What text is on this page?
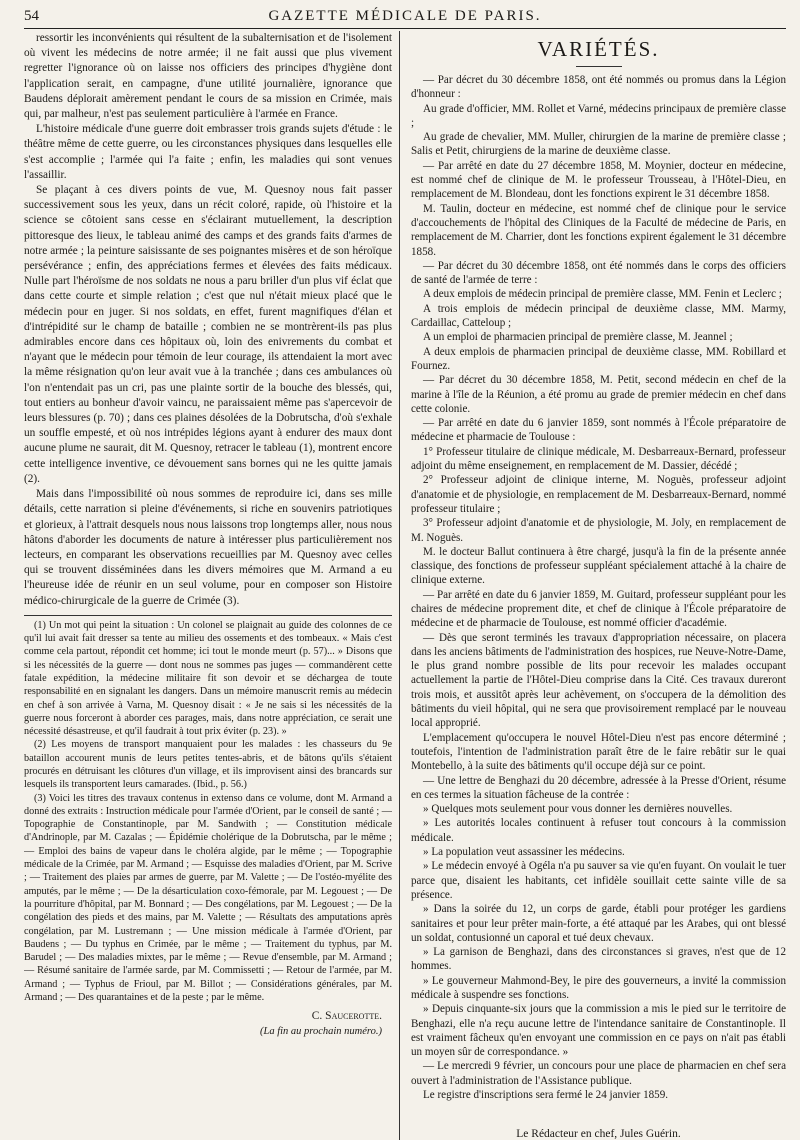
54	GAZETTE MÉDICALE DE PARIS.

ressortir les inconvénients qui résultent de la subalternisation et de l'isolement où vivent les médecins de notre armée; il ne fait aussi que plus vivement regretter l'ignorance où on laisse nos officiers des principes d'hygiène dont l'application serait, en campagne, d'une utilité journalière, ignorance que Baudens déplorait amèrement pendant le cours de sa mission en Crimée, mais qui, par malheur, n'est pas seulement particulière à l'armée en France.

L'histoire médicale d'une guerre doit embrasser trois grands sujets d'étude : le théâtre même de cette guerre, ou les circonstances physiques dans lesquelles elle s'est accomplie ; l'armée qui l'a faite ; enfin, les maladies qui sont venues l'assaillir.

Se plaçant à ces divers points de vue, M. Quesnoy nous fait passer successivement sous les yeux, dans un récit coloré, rapide, où l'histoire et la science se côtoient sans cesse en s'éclairant mutuellement, la description pittoresque des lieux, le tableau animé des camps et des grands faits d'armes de notre armée ; la peinture saisissante de ses poignantes misères et de son héroïque persévérance ; enfin, des appréciations fermes et élevées des faits médicaux. Nulle part l'héroïsme de nos soldats ne nous a paru briller d'un plus vif éclat que dans cette courte et simple relation ; c'est que nul n'était mieux placé que le médecin pour en juger. Si nos soldats, en effet, furent magnifiques d'élan et d'intrépidité sur le champ de bataille ; combien ne se montrèrent-ils pas plus admirables encore dans ces hôpitaux où, loin des enivrements du combat et n'ayant que le médecin pour témoin de leur courage, ils attendaient la mort avec la même résignation qu'on leur avait vue à la tranchée ; dans ces ambulances où l'on n'entendait pas un cri, pas une plainte sortir de la bouche des blessés, qui, tout entiers au bonheur d'avoir vaincu, ne paraissaient même pas s'apercevoir de leurs blessures (p. 70) ; dans ces plaines désolées de la Dobrutscha, d'où s'exhale un souffle empesté, et où nos intrépides légions ayant à endurer des maux dont aucune plume ne saurait, dit M. Quesnoy, retracer le tableau (1), montrent encore cette intelligence inventive, ce dévouement sans bornes qui ne les quitte jamais (2).

Mais dans l'impossibilité où nous sommes de reproduire ici, dans ses mille détails, cette narration si pleine d'événements, si riche en souvenirs patriotiques et glorieux, à l'attrait desquels nous nous laissons trop longtemps aller, nous nous hâtons d'aborder les documents de nature à intéresser plus particulièrement nos lecteurs, en comparant les observations recueillies par M. Quesnoy avec celles qui se trouvent disséminées dans les divers mémoires que M. Armand a eu l'heureuse idée de réunir en un seul volume, pour en composer son Histoire médico-chirurgicale de la guerre de Crimée (3).

(1) Un mot qui peint la situation : Un colonel se plaignait au guide des colonnes de ce qu'il lui avait fait dresser sa tente au milieu des ossements et des tombeaux. « Mais c'est comme cela partout, répondit cet homme; ici tout le monde meurt (p. 57)... » Disons que si les nécessités de la guerre — dont nous ne sommes pas juges — commandèrent cette fatale expédition, la médecine militaire fit son devoir et se déchargea de toute responsabilité en en signalant les dangers. Dans un mémoire manuscrit remis au médecin en chef à son arrivée à Varna, M. Quesnoy disait : « Je ne sais si les nécessités de la guerre nous forceront à aborder ces parages, mais, dans notre appréciation, ce serait une nécessité désastreuse, et qu'il faudrait à tout prix éviter (p. 23). »

(2) Les moyens de transport manquaient pour les malades : les chasseurs du 9e bataillon accourent munis de leurs petites tentes-abris, et de bâtons qu'ils s'étaient procurés en détruisant les clôtures d'un village, et ils improvisent ainsi des brancards sur lesquels ils transportent leurs camarades. (Ibid., p. 56.)

(3) Voici les titres des travaux contenus in extenso dans ce volume, dont M. Armand a donné des extraits : Instruction médicale pour l'armée d'Orient, par le conseil de santé ; — Topographie de Constantinople, par M. Sandwith ; — Constitution médicale d'Andrinople, par M. Cazalas ; — Épidémie cholérique de la Dobrutscha, par le même ; — Emploi des bains de vapeur dans le choléra algide, par le même ; — Topographie médicale de la Crimée, par M. Armand ; — Esquisse des maladies d'Orient, par M. Scrive ; — Traitement des plaies par armes de guerre, par M. Valette ; — De l'ostéo-myélite des amputés, par le même ; — De la désarticulation coxo-fémorale, par M. Legouest ; — De la pourriture d'hôpital, par M. Bonnard ; — Des congélations, par M. Legouest ; — De la congélation des pieds et des mains, par M. Valette ; — Résultats des amputations après congélation, par M. Lustremann ; — Une mission médicale à l'armée d'Orient, par Baudens ; — Du typhus en Crimée, par le même ; — Traitement du typhus, par M. Barudel ; — Des maladies mixtes, par le même ; — Revue d'ensemble, par M. Armand ; — Résumé sanitaire de l'armée sarde, par M. Commissetti ; — Retour de l'armée, par M. Armand ; — Typhus de Frioul, par M. Billot ; — Considérations générales, par M. Armand ; — Des quarantaines et de la peste ; par le même.

C. Saucerotte.
(La fin au prochain numéro.)
VARIÉTÉS.

— Par décret du 30 décembre 1858, ont été nommés ou promus dans la Légion d'honneur :

Au grade d'officier, MM. Rollet et Varné, médecins principaux de première classe ;

Au grade de chevalier, MM. Muller, chirurgien de la marine de première classe ; Salis et Petit, chirurgiens de la marine de deuxième classe.

— Par arrêté en date du 27 décembre 1858, M. Moynier, docteur en médecine, est nommé chef de clinique de M. le professeur Trousseau, à l'Hôtel-Dieu, en remplacement de M. Blondeau, dont les fonctions expirent le 31 décembre 1858.

M. Taulin, docteur en médecine, est nommé chef de clinique pour le service d'accouchements de l'hôpital des Cliniques de la Faculté de médecine de Paris, en remplacement de M. Charrier, dont les fonctions expirent également le 31 décembre 1858.

— Par décret du 30 décembre 1858, ont été nommés dans le corps des officiers de santé de l'armée de terre :

A deux emplois de médecin principal de première classe, MM. Fenin et Leclerc ;

A trois emplois de médecin principal de deuxième classe, MM. Marmy, Cardaillac, Catteloup ;

A un emploi de pharmacien principal de première classe, M. Jeannel ;

A deux emplois de pharmacien principal de deuxième classe, MM. Robillard et Fournez.

— Par décret du 30 décembre 1858, M. Petit, second médecin en chef de la marine à l'île de la Réunion, a été promu au grade de premier médecin en chef dans cette colonie.

— Par arrêté en date du 6 janvier 1859, sont nommés à l'École préparatoire de médecine et pharmacie de Toulouse :

1° Professeur titulaire de clinique médicale, M. Desbarreaux-Bernard, professeur adjoint du même enseignement, en remplacement de M. Dassier, décédé ;

2° Professeur adjoint de clinique interne, M. Noguès, professeur adjoint d'anatomie et de physiologie, en remplacement de M. Desbarreaux-Bernard, nommé professeur titulaire ;

3° Professeur adjoint d'anatomie et de physiologie, M. Joly, en remplacement de M. Noguès.

M. le docteur Ballut continuera à être chargé, jusqu'à la fin de la présente année classique, des fonctions de professeur suppléant spécialement attaché à la chaire de clinique externe.

— Par arrêté en date du 6 janvier 1859, M. Guitard, professeur suppléant pour les chaires de médecine proprement dite, et chef de clinique à l'École préparatoire de médecine et de pharmacie de Toulouse, est nommé officier d'académie.

— Dès que seront terminés les travaux d'appropriation nécessaire, on placera dans les anciens bâtiments de l'administration des hospices, rue Neuve-Notre-Dame, le plus grand nombre possible de lits pour recevoir les malades occupant actuellement la partie de l'Hôtel-Dieu comprise dans la Cité. Ces travaux dureront trois mois, et aussitôt après leur achèvement, on s'occupera de la démolition des bâtiments du vieil hôpital, qui ne sera que provisoirement remplacé par le nouveau local approprié.

L'emplacement qu'occupera le nouvel Hôtel-Dieu n'est pas encore déterminé ; toutefois, l'intention de l'administration paraît être de le faire rebâtir sur le quai Montebello, à la suite des bâtiments qu'il occupe déjà sur ce point.

— Une lettre de Benghazi du 20 décembre, adressée à la Presse d'Orient, résume en ces termes la situation fâcheuse de la contrée :

» Quelques mots seulement pour vous donner les dernières nouvelles.

» Les autorités locales continuent à refuser tout concours à la commission médicale.

» La population veut assassiner les médecins.

» Le médecin envoyé à Ogéla n'a pu sauver sa vie qu'en fuyant. On voulait le tuer parce que, disaient les habitants, cet infidèle souillait cette sainte ville de sa présence.

» Dans la soirée du 12, un corps de garde, établi pour protéger les gardiens sanitaires et pour leur prêter main-forte, a été attaqué par les Arabes, qui ont blessé un soldat, contusionné un caporal et tué deux chevaux.

» La garnison de Benghazi, dans des circonstances si graves, n'est que de 12 hommes.

» Le gouverneur Mahmond-Bey, le pire des gouverneurs, a invité la commission médicale à suspendre ses fonctions.

» Depuis cinquante-six jours que la commission a mis le pied sur le territoire de Benghazi, elle n'a reçu aucune lettre de l'intendance sanitaire de Constantinople. Il est vraiment fâcheux qu'en envoyant une commission en ce pays on n'ait pas établi un moyen sûr de correspondance. »

— Le mercredi 9 février, un concours pour une place de pharmacien en chef sera ouvert à l'administration de l'Assistance publique.

Le registre d'inscriptions sera fermé le 24 janvier 1859.

Le Rédacteur en chef, Jules Guérin.
